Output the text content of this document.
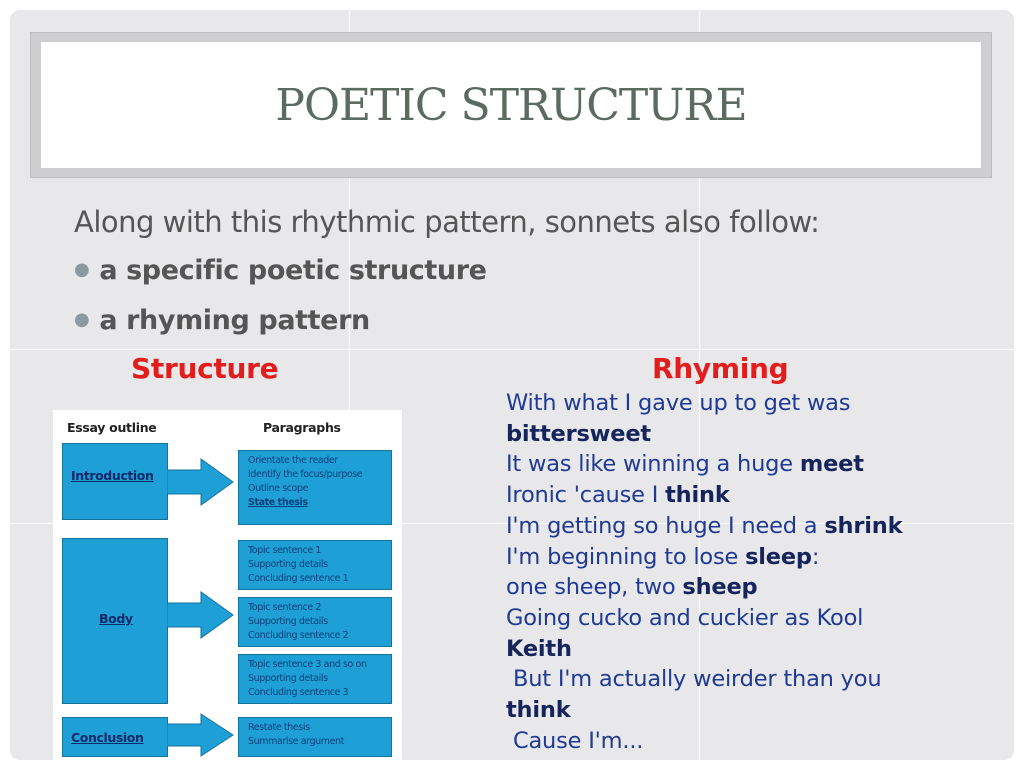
POETIC STRUCTURE
Along with this rhythmic pattern, sonnets also follow:
● a specific poetic structure
● a rhyming pattern
Structure	Rhyming
With what I gave up to get was
bittersweet
It was like winning a huge meet
Ironic 'cause I think
I'm getting so huge I need a shrink
I'm beginning to lose sleep:
one sheep, two sheep
Going cucko and cuckier as Kool
Keith
But I'm actually weirder than you
think
Cause I'm...
Essay outline	Paragraphs
Introduction
Orientate the reader
Identify the focus/purpose
Outline scope
State thesis
Body
Topic sentence 1
Supporting details
Concluding sentence 1
Topic sentence 2
Supporting details
Concluding sentence 2
Topic sentence 3 and so on
Supporting details
Concluding sentence 3
Conclusion
Restate thesis
Summarise argument
